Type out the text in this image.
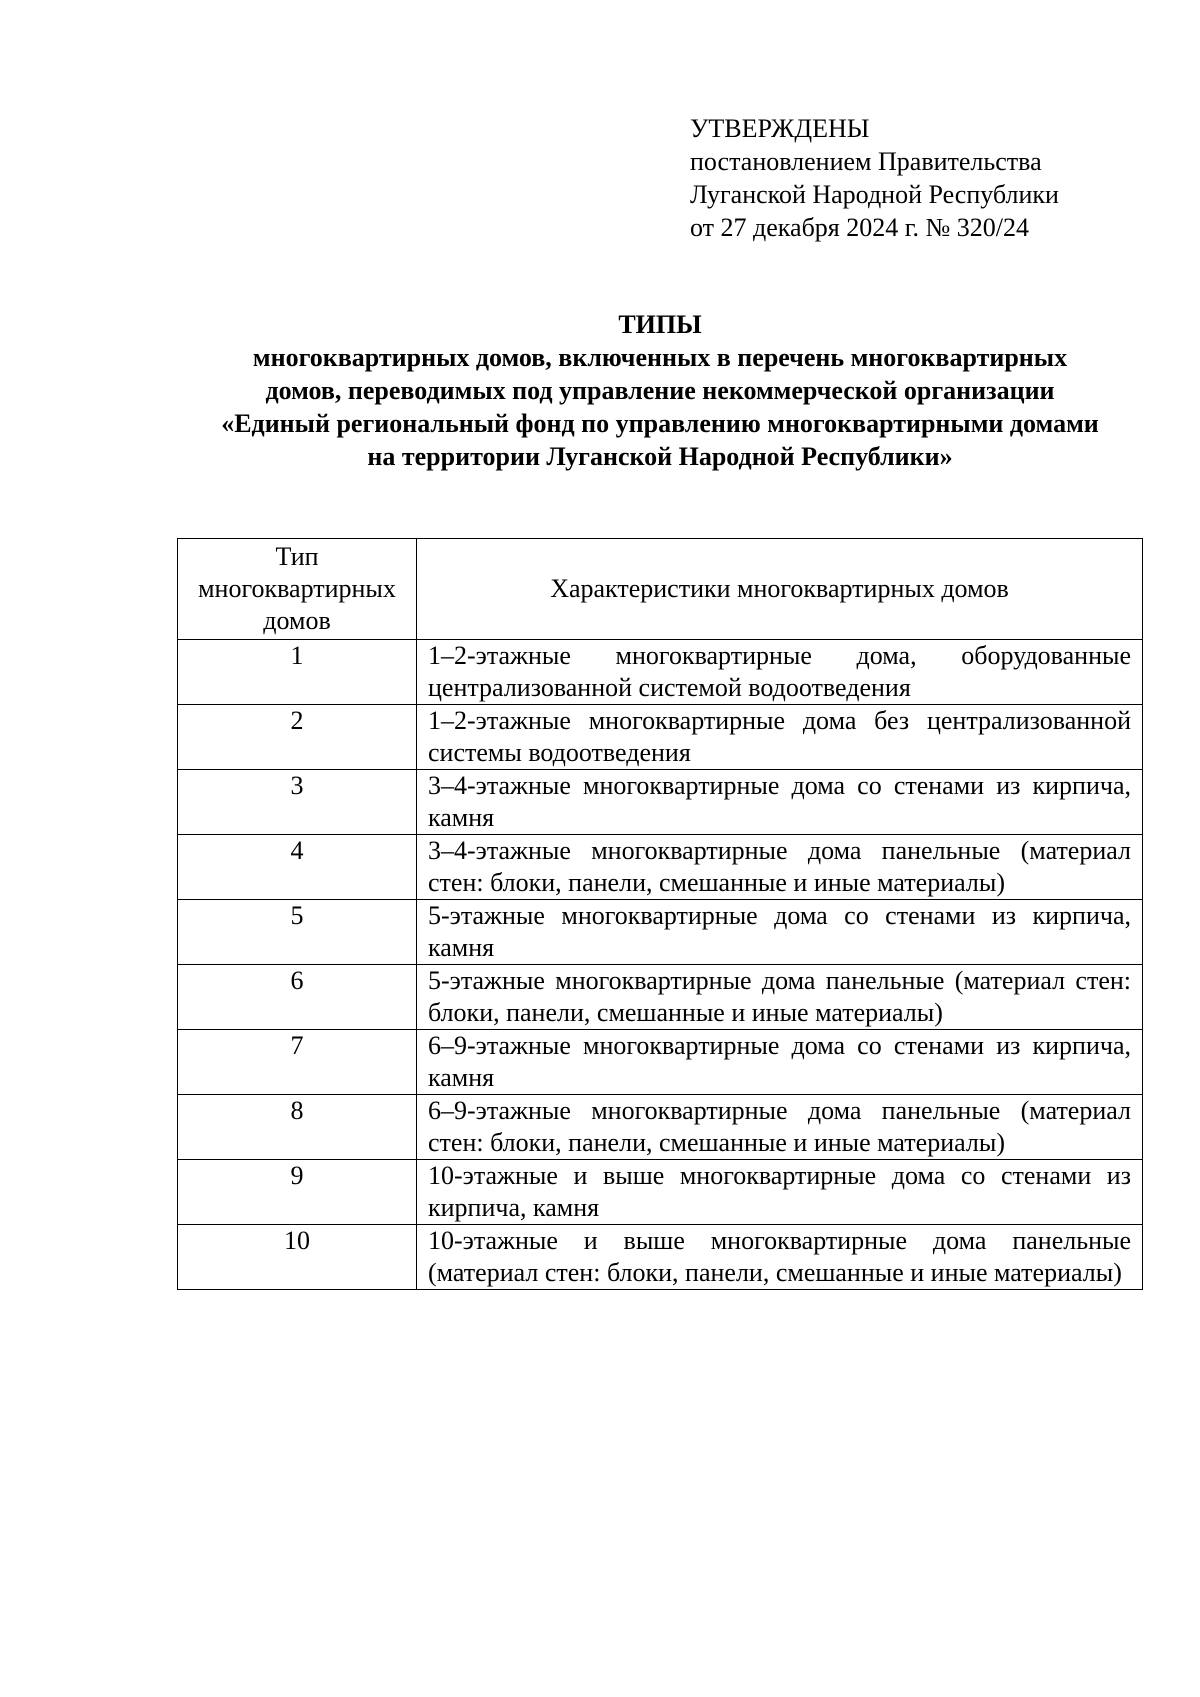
УТВЕРЖДЕНЫ
постановлением Правительства
Луганской Народной Республики
от 27 декабря 2024 г. № 320/24
ТИПЫ
многоквартирных домов, включенных в перечень многоквартирных
домов, переводимых под управление некоммерческой организации
«Единый региональный фонд по управлению многоквартирными домами
на территории Луганской Народной Республики»
Тип многоквартирных домов	Характеристики многоквартирных домов
1	1–2-этажные многоквартирные дома, оборудованные централизованной системой водоотведения
2	1–2-этажные многоквартирные дома без централизованной системы водоотведения
3	3–4-этажные многоквартирные дома со стенами из кирпича, камня
4	3–4-этажные многоквартирные дома панельные (материал стен: блоки, панели, смешанные и иные материалы)
5	5-этажные многоквартирные дома со стенами из кирпича, камня
6	5-этажные многоквартирные дома панельные (материал стен: блоки, панели, смешанные и иные материалы)
7	6–9-этажные многоквартирные дома со стенами из кирпича, камня
8	6–9-этажные многоквартирные дома панельные (материал стен: блоки, панели, смешанные и иные материалы)
9	10-этажные и выше многоквартирные дома со стенами из кирпича, камня
10	10-этажные и выше многоквартирные дома панельные (материал стен: блоки, панели, смешанные и иные материалы)
